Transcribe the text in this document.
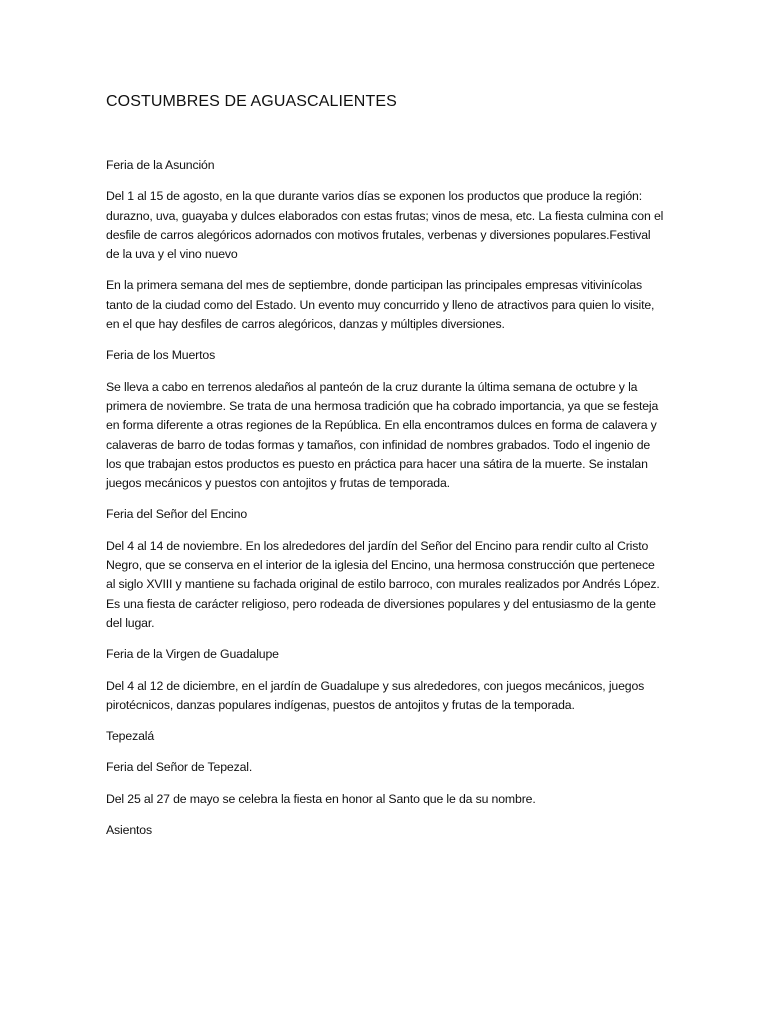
COSTUMBRES DE AGUASCALIENTES

Feria de la Asunción

Del 1 al 15 de agosto, en la que durante varios días se exponen los productos que produce la región: durazno, uva, guayaba y dulces elaborados con estas frutas; vinos de mesa, etc. La fiesta culmina con el desfile de carros alegóricos adornados con motivos frutales, verbenas y diversiones populares.Festival de la uva y el vino nuevo

En la primera semana del mes de septiembre, donde participan las principales empresas vitivinícolas tanto de la ciudad como del Estado. Un evento muy concurrido y lleno de atractivos para quien lo visite, en el que hay desfiles de carros alegóricos, danzas y múltiples diversiones.

Feria de los Muertos

Se lleva a cabo en terrenos aledaños al panteón de la cruz durante la última semana de octubre y la primera de noviembre. Se trata de una hermosa tradición que ha cobrado importancia, ya que se festeja en forma diferente a otras regiones de la República. En ella encontramos dulces en forma de calavera y calaveras de barro de todas formas y tamaños, con infinidad de nombres grabados. Todo el ingenio de los que trabajan estos productos es puesto en práctica para hacer una sátira de la muerte. Se instalan juegos mecánicos y puestos con antojitos y frutas de temporada.

Feria del Señor del Encino

Del 4 al 14 de noviembre. En los alrededores del jardín del Señor del Encino para rendir culto al Cristo Negro, que se conserva en el interior de la iglesia del Encino, una hermosa construcción que pertenece al siglo XVIII y mantiene su fachada original de estilo barroco, con murales realizados por Andrés López. Es una fiesta de carácter religioso, pero rodeada de diversiones populares y del entusiasmo de la gente del lugar.

Feria de la Virgen de Guadalupe

Del 4 al 12 de diciembre, en el jardín de Guadalupe y sus alrededores, con juegos mecánicos, juegos pirotécnicos, danzas populares indígenas, puestos de antojitos y frutas de la temporada.

Tepezalá

Feria del Señor de Tepezal.

Del 25 al 27 de mayo se celebra la fiesta en honor al Santo que le da su nombre.

Asientos
